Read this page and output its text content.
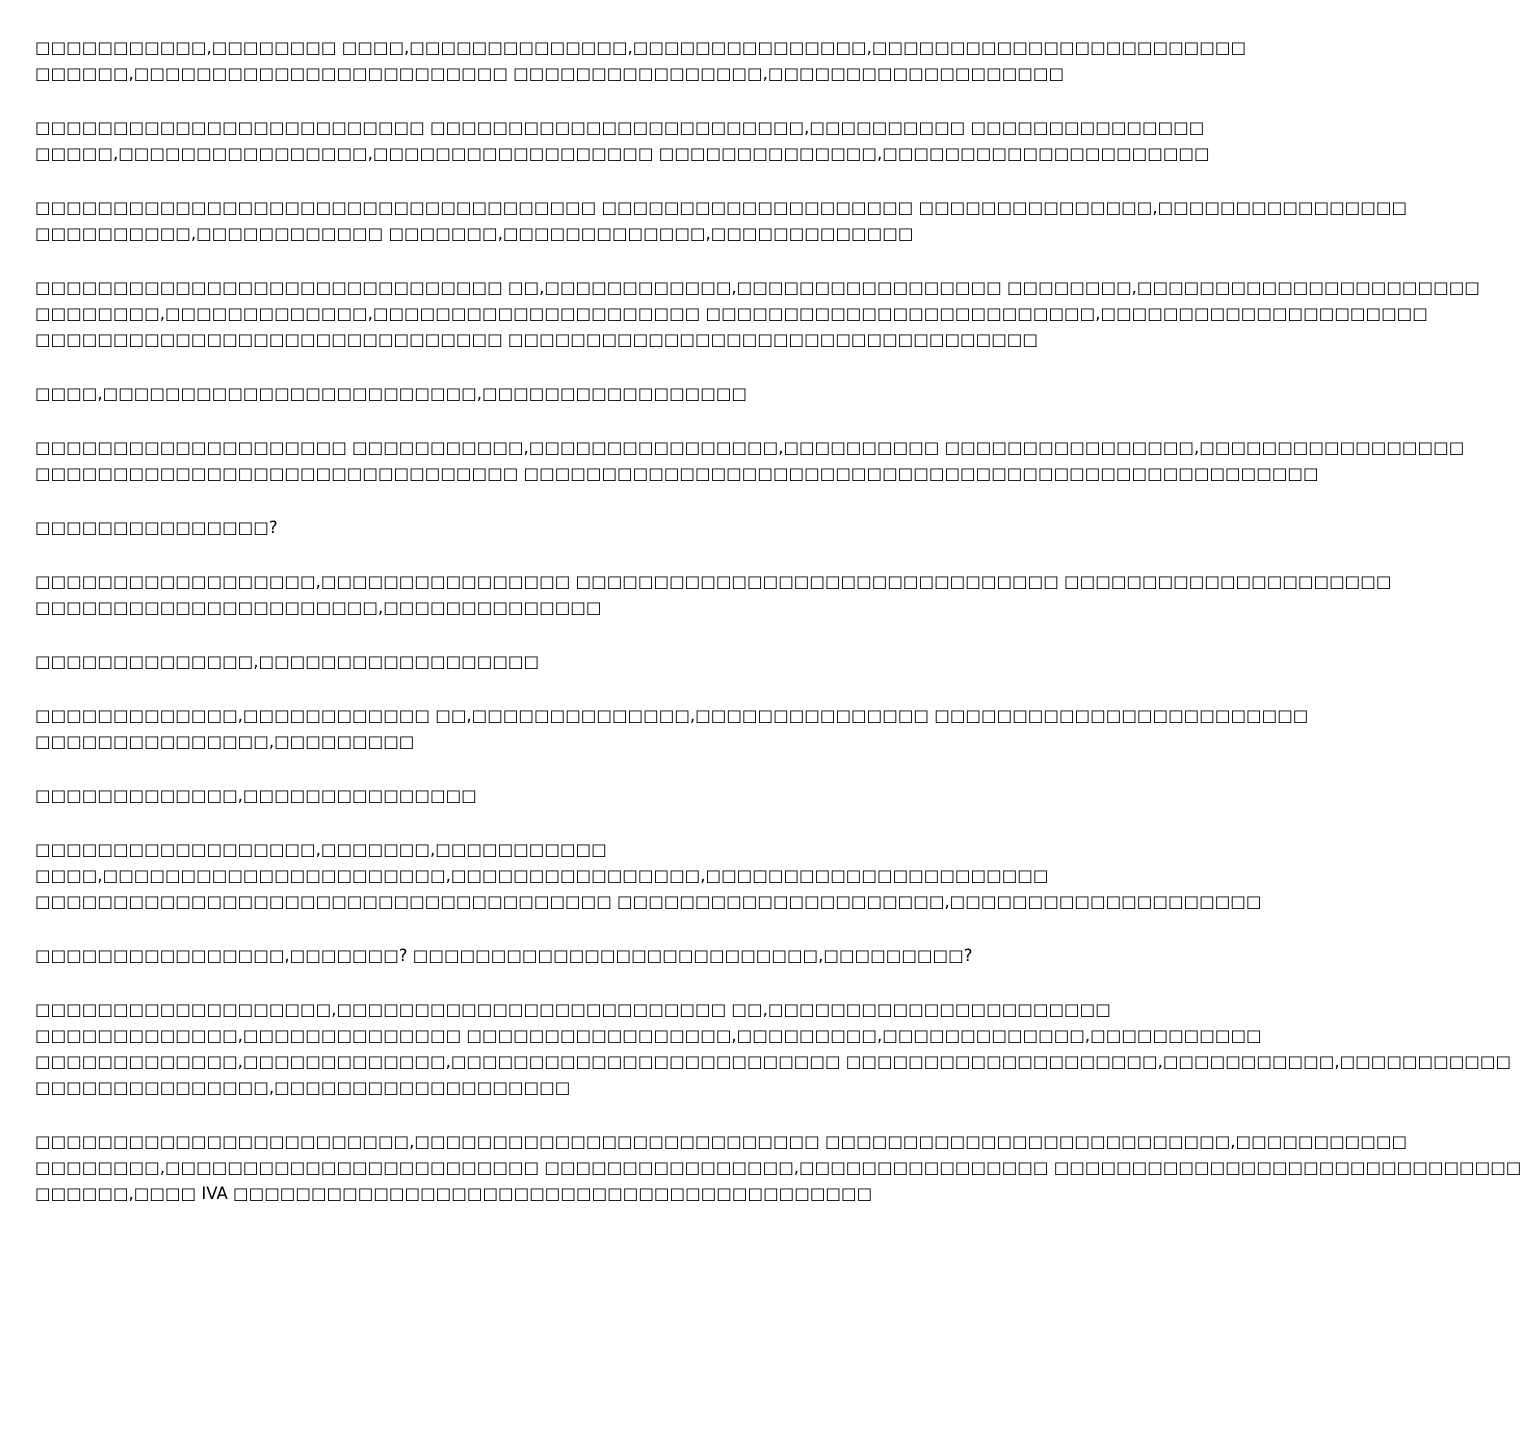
□□□□□□□□□□□,□□□□□□□□ □□□□,□□□□□□□□□□□□□□,□□□□□□□□□□□□□□□,□□□□□□□□□□□□□□□□□□□□□□□□
□□□□□□,□□□□□□□□□□□□□□□□□□□□□□□□ □□□□□□□□□□□□□□□□,□□□□□□□□□□□□□□□□□□□
□□□□□□□□□□□□□□□□□□□□□□□□□ □□□□□□□□□□□□□□□□□□□□□□□□,□□□□□□□□□□ □□□□□□□□□□□□□□□
□□□□□,□□□□□□□□□□□□□□□□,□□□□□□□□□□□□□□□□□□ □□□□□□□□□□□□□□,□□□□□□□□□□□□□□□□□□□□□
□□□□□□□□□□□□□□□□□□□□□□□□□□□□□□□□□□□□ □□□□□□□□□□□□□□□□□□□□ □□□□□□□□□□□□□□□,□□□□□□□□□□□□□□□□
□□□□□□□□□□,□□□□□□□□□□□□ □□□□□□□,□□□□□□□□□□□□□,□□□□□□□□□□□□□
□□□□□□□□□□□□□□□□□□□□□□□□□□□□□□ □□,□□□□□□□□□□□□,□□□□□□□□□□□□□□□□□ □□□□□□□□,□□□□□□□□□□□□□□□□□□□□□□
□□□□□□□□,□□□□□□□□□□□□□,□□□□□□□□□□□□□□□□□□□□□ □□□□□□□□□□□□□□□□□□□□□□□□□,□□□□□□□□□□□□□□□□□□□□□
□□□□□□□□□□□□□□□□□□□□□□□□□□□□□□ □□□□□□□□□□□□□□□□□□□□□□□□□□□□□□□□□□
□□□□,□□□□□□□□□□□□□□□□□□□□□□□□,□□□□□□□□□□□□□□□□□
□□□□□□□□□□□□□□□□□□□□ □□□□□□□□□□□,□□□□□□□□□□□□□□□□,□□□□□□□□□□ □□□□□□□□□□□□□□□□,□□□□□□□□□□□□□□□□□
□□□□□□□□□□□□□□□□□□□□□□□□□□□□□□□ □□□□□□□□□□□□□□□□□□□□□□□□□□□□□□□□□□□□□□□□□□□□□□□□□□□
□□□□□□□□□□□□□□□?
□□□□□□□□□□□□□□□□□□,□□□□□□□□□□□□□□□□ □□□□□□□□□□□□□□□□□□□□□□□□□□□□□□□ □□□□□□□□□□□□□□□□□□□□□
□□□□□□□□□□□□□□□□□□□□□□,□□□□□□□□□□□□□□
□□□□□□□□□□□□□□,□□□□□□□□□□□□□□□□□□
□□□□□□□□□□□□□,□□□□□□□□□□□□ □□,□□□□□□□□□□□□□□,□□□□□□□□□□□□□□□ □□□□□□□□□□□□□□□□□□□□□□□□
□□□□□□□□□□□□□□□,□□□□□□□□□
□□□□□□□□□□□□□,□□□□□□□□□□□□□□□
□□□□□□□□□□□□□□□□□□,□□□□□□□,□□□□□□□□□□□
□□□□,□□□□□□□□□□□□□□□□□□□□□□,□□□□□□□□□□□□□□□□,□□□□□□□□□□□□□□□□□□□□□□
□□□□□□□□□□□□□□□□□□□□□□□□□□□□□□□□□□□□□ □□□□□□□□□□□□□□□□□□□□□,□□□□□□□□□□□□□□□□□□□□
□□□□□□□□□□□□□□□□,□□□□□□□? □□□□□□□□□□□□□□□□□□□□□□□□□□,□□□□□□□□□?
□□□□□□□□□□□□□□□□□□□,□□□□□□□□□□□□□□□□□□□□□□□□□ □□,□□□□□□□□□□□□□□□□□□□□□□
□□□□□□□□□□□□□,□□□□□□□□□□□□□□ □□□□□□□□□□□□□□□□□,□□□□□□□□□,□□□□□□□□□□□□□,□□□□□□□□□□□
□□□□□□□□□□□□□,□□□□□□□□□□□□□,□□□□□□□□□□□□□□□□□□□□□□□□□ □□□□□□□□□□□□□□□□□□□□,□□□□□□□□□□□,□□□□□□□□□□□
□□□□□□□□□□□□□□□,□□□□□□□□□□□□□□□□□□□
□□□□□□□□□□□□□□□□□□□□□□□□,□□□□□□□□□□□□□□□□□□□□□□□□□□ □□□□□□□□□□□□□□□□□□□□□□□□□□,□□□□□□□□□□□
□□□□□□□□,□□□□□□□□□□□□□□□□□□□□□□□□ □□□□□□□□□□□□□□□□,□□□□□□□□□□□□□□□□ □□□□□□□□□□□□□□□□□□□□□□□□□□□□□□
□□□□□□,□□□□ IVA □□□□□□□□□□□□□□□□□□□□□□□□□□□□□□□□□□□□□□□□□
